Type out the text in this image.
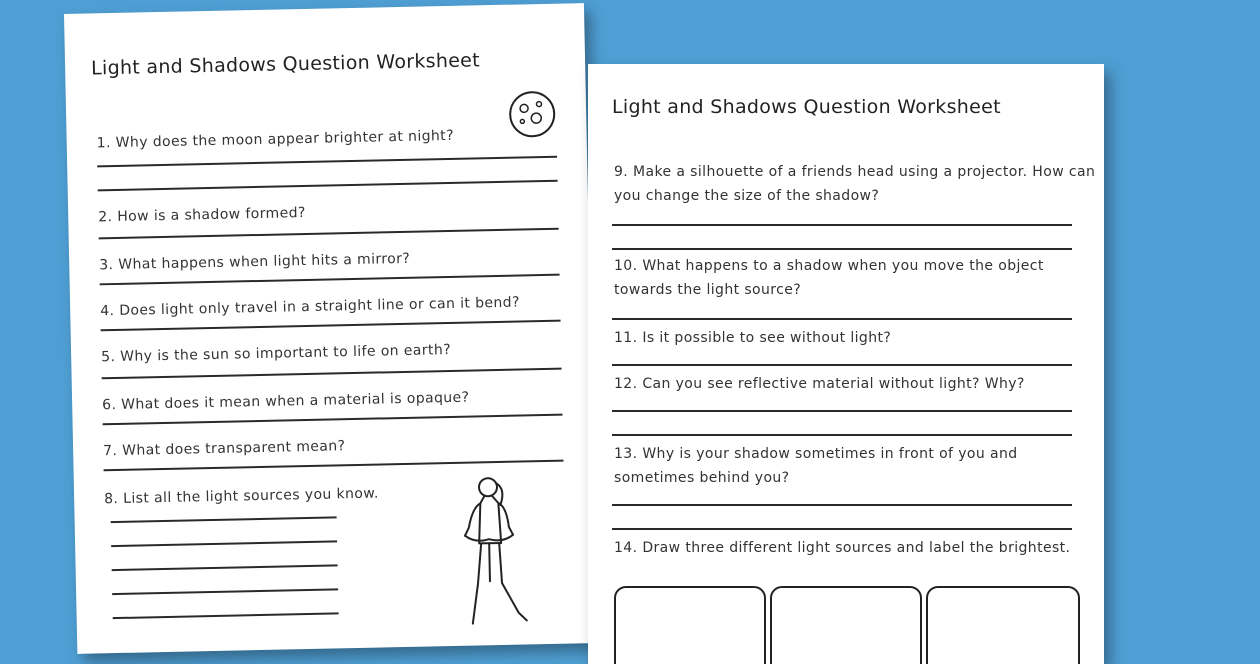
Light and Shadows Question Worksheet
1. Why does the moon appear brighter at night?
2. How is a shadow formed?
3. What happens when light hits a mirror?
4. Does light only travel in a straight line or can it bend?
5. Why is the sun so important to life on earth?
6. What does it mean when a material is opaque?
7. What does transparent mean?
8. List all the light sources you know.
Light and Shadows Question Worksheet
9. Make a silhouette of a friends head using a projector. How can
you change the size of the shadow?
10. What happens to a shadow when you move the object
towards the light source?
11. Is it possible to see without light?
12. Can you see reflective material without light? Why?
13. Why is your shadow sometimes in front of you and
sometimes behind you?
14. Draw three different light sources and label the brightest.
